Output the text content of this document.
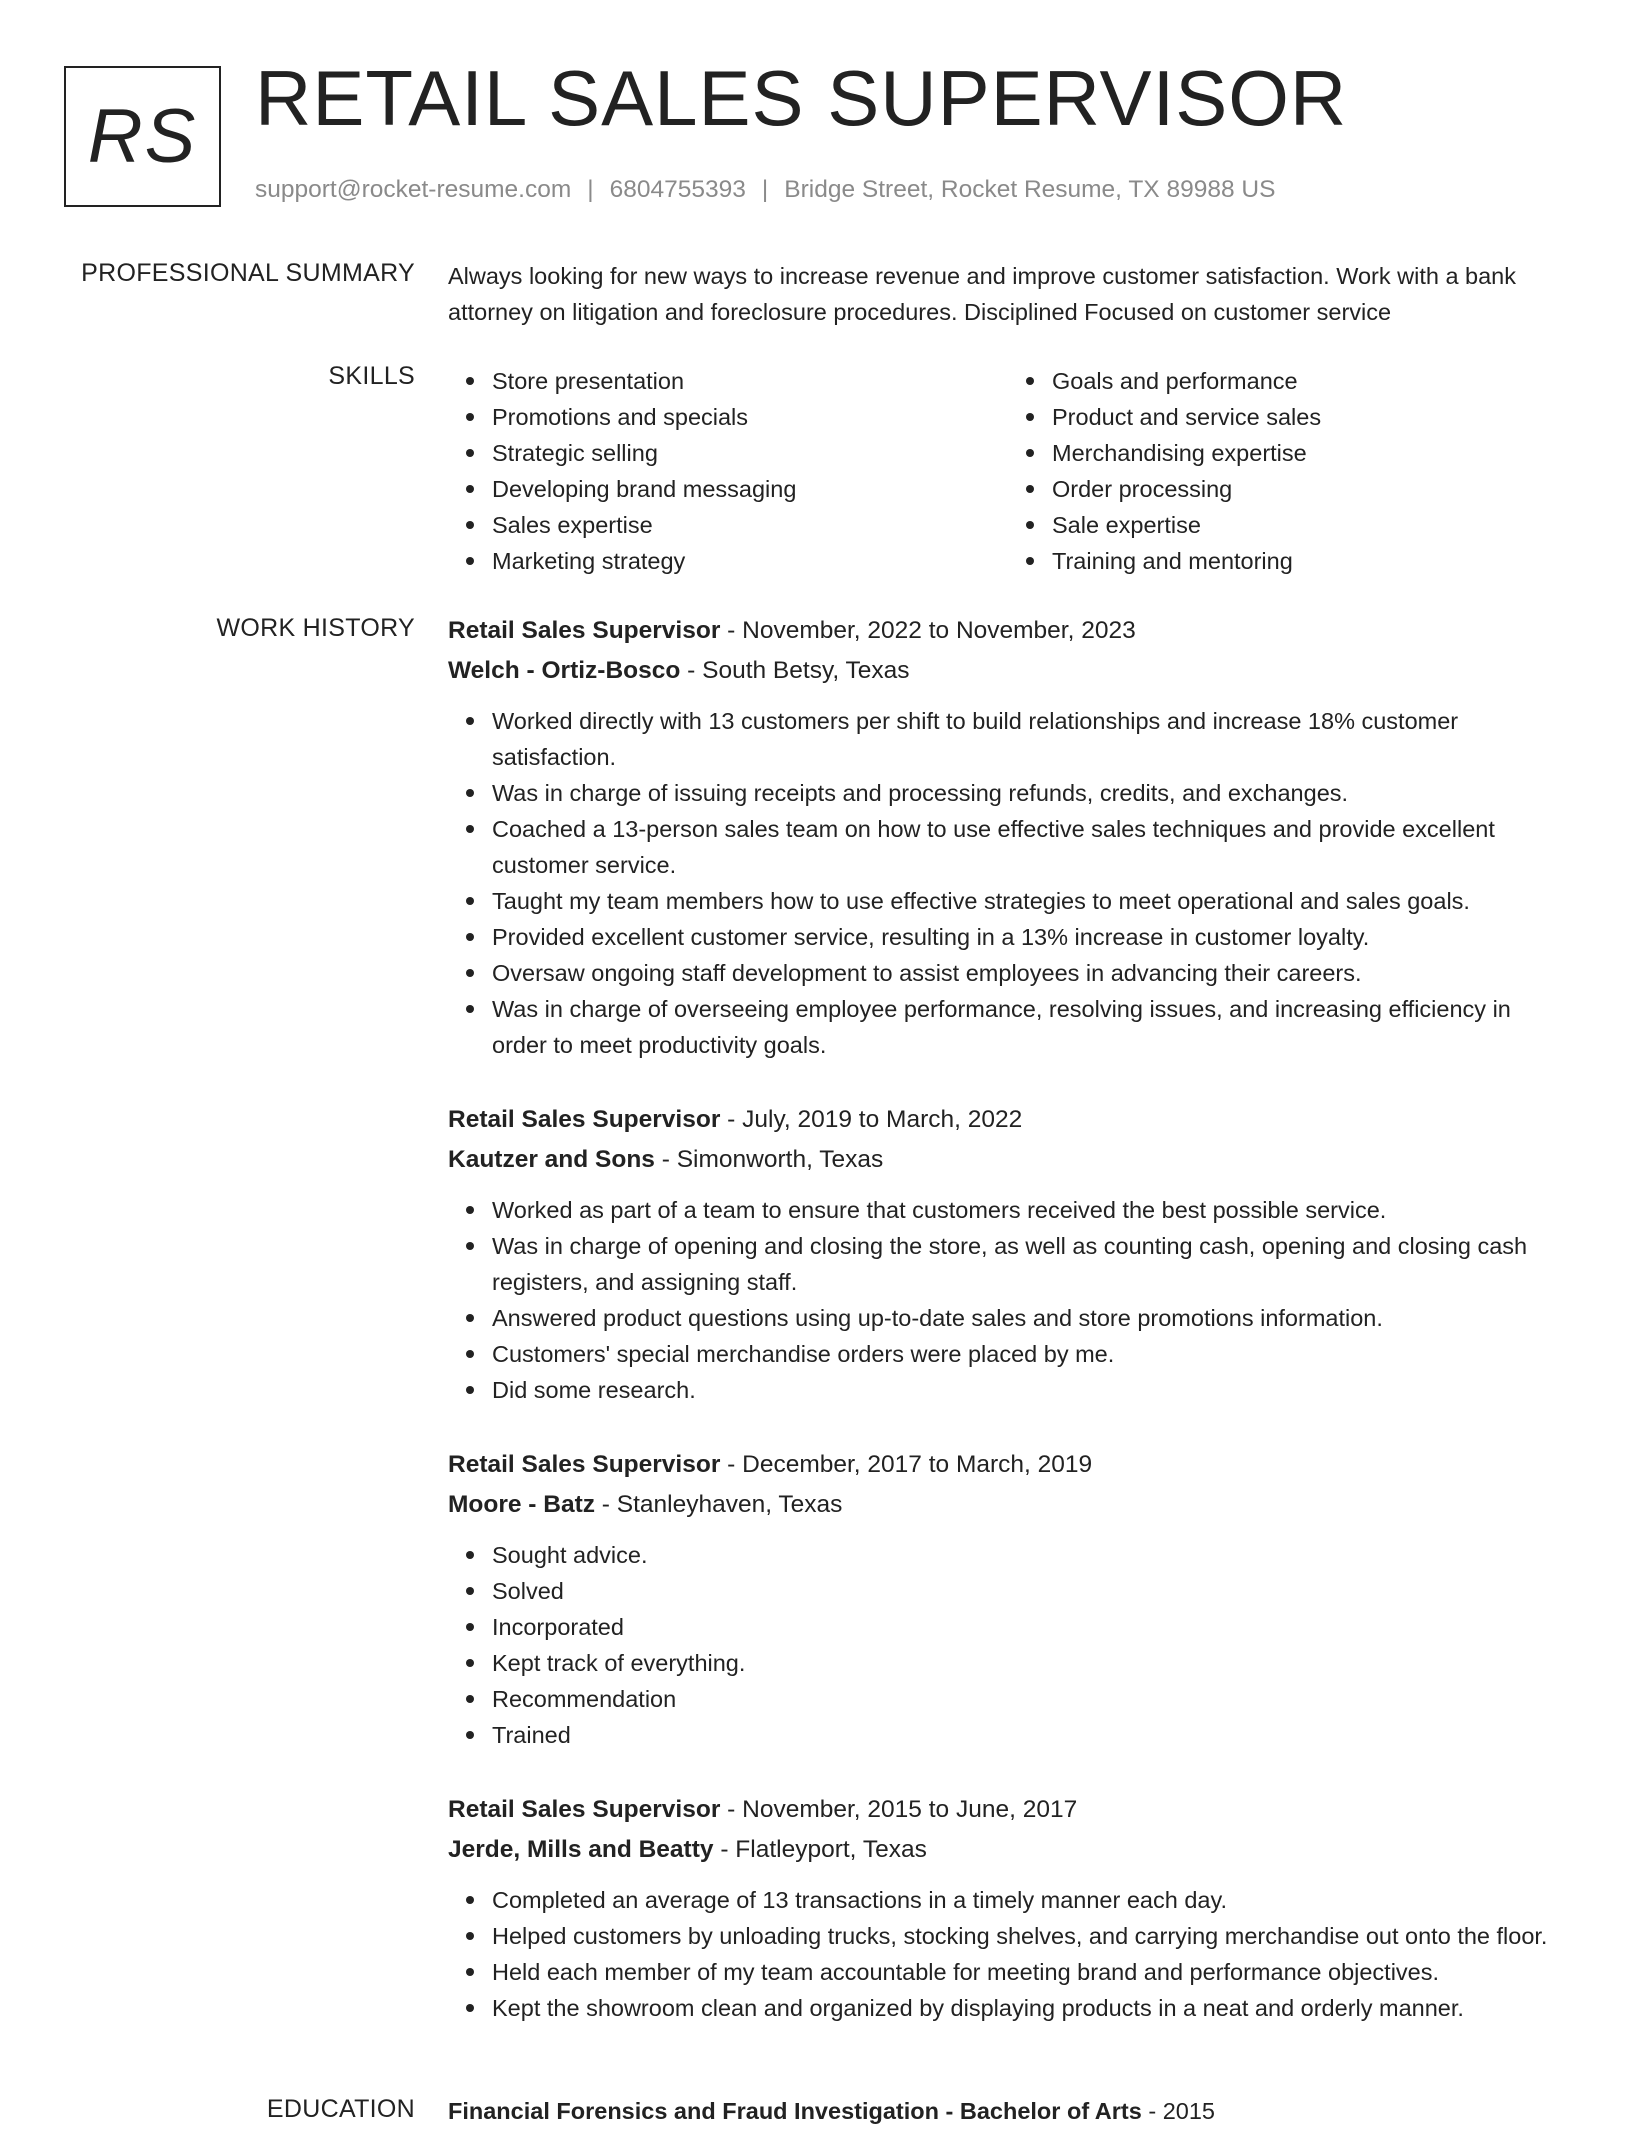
RS RETAIL SALES SUPERVISOR
support@rocket-resume.com | 6804755393 | Bridge Street, Rocket Resume, TX 89988 US
PROFESSIONAL SUMMARY Always looking for new ways to increase revenue and improve customer satisfaction. Work with a bank attorney on litigation and foreclosure procedures. Disciplined Focused on customer service
SKILLS	Store presentation
Promotions and specials
Strategic selling
Developing brand messaging
Sales expertise
Marketing strategy
Goals and performance
Product and service sales
Merchandising expertise
Order processing
Sale expertise
Training and mentoring
WORK HISTORY Retail Sales Supervisor - November, 2022 to November, 2023
Welch - Ortiz-Bosco - South Betsy, Texas
Worked directly with 13 customers per shift to build relationships and increase 18% customer satisfaction.
Was in charge of issuing receipts and processing refunds, credits, and exchanges.
Coached a 13-person sales team on how to use effective sales techniques and provide excellent customer service.
Taught my team members how to use effective strategies to meet operational and sales goals.
Provided excellent customer service, resulting in a 13% increase in customer loyalty.
Oversaw ongoing staff development to assist employees in advancing their careers.
Was in charge of overseeing employee performance, resolving issues, and increasing efficiency in order to meet productivity goals.
Retail Sales Supervisor - July, 2019 to March, 2022
Kautzer and Sons - Simonworth, Texas
Worked as part of a team to ensure that customers received the best possible service.
Was in charge of opening and closing the store, as well as counting cash, opening and closing cash registers, and assigning staff.
Answered product questions using up-to-date sales and store promotions information.
Customers' special merchandise orders were placed by me.
Did some research.
Retail Sales Supervisor - December, 2017 to March, 2019
Moore - Batz - Stanleyhaven, Texas
Sought advice.
Solved
Incorporated
Kept track of everything.
Recommendation
Trained
Retail Sales Supervisor - November, 2015 to June, 2017
Jerde, Mills and Beatty - Flatleyport, Texas
Completed an average of 13 transactions in a timely manner each day.
Helped customers by unloading trucks, stocking shelves, and carrying merchandise out onto the floor.
Held each member of my team accountable for meeting brand and performance objectives.
Kept the showroom clean and organized by displaying products in a neat and orderly manner.
EDUCATION Financial Forensics and Fraud Investigation - Bachelor of Arts - 2015
